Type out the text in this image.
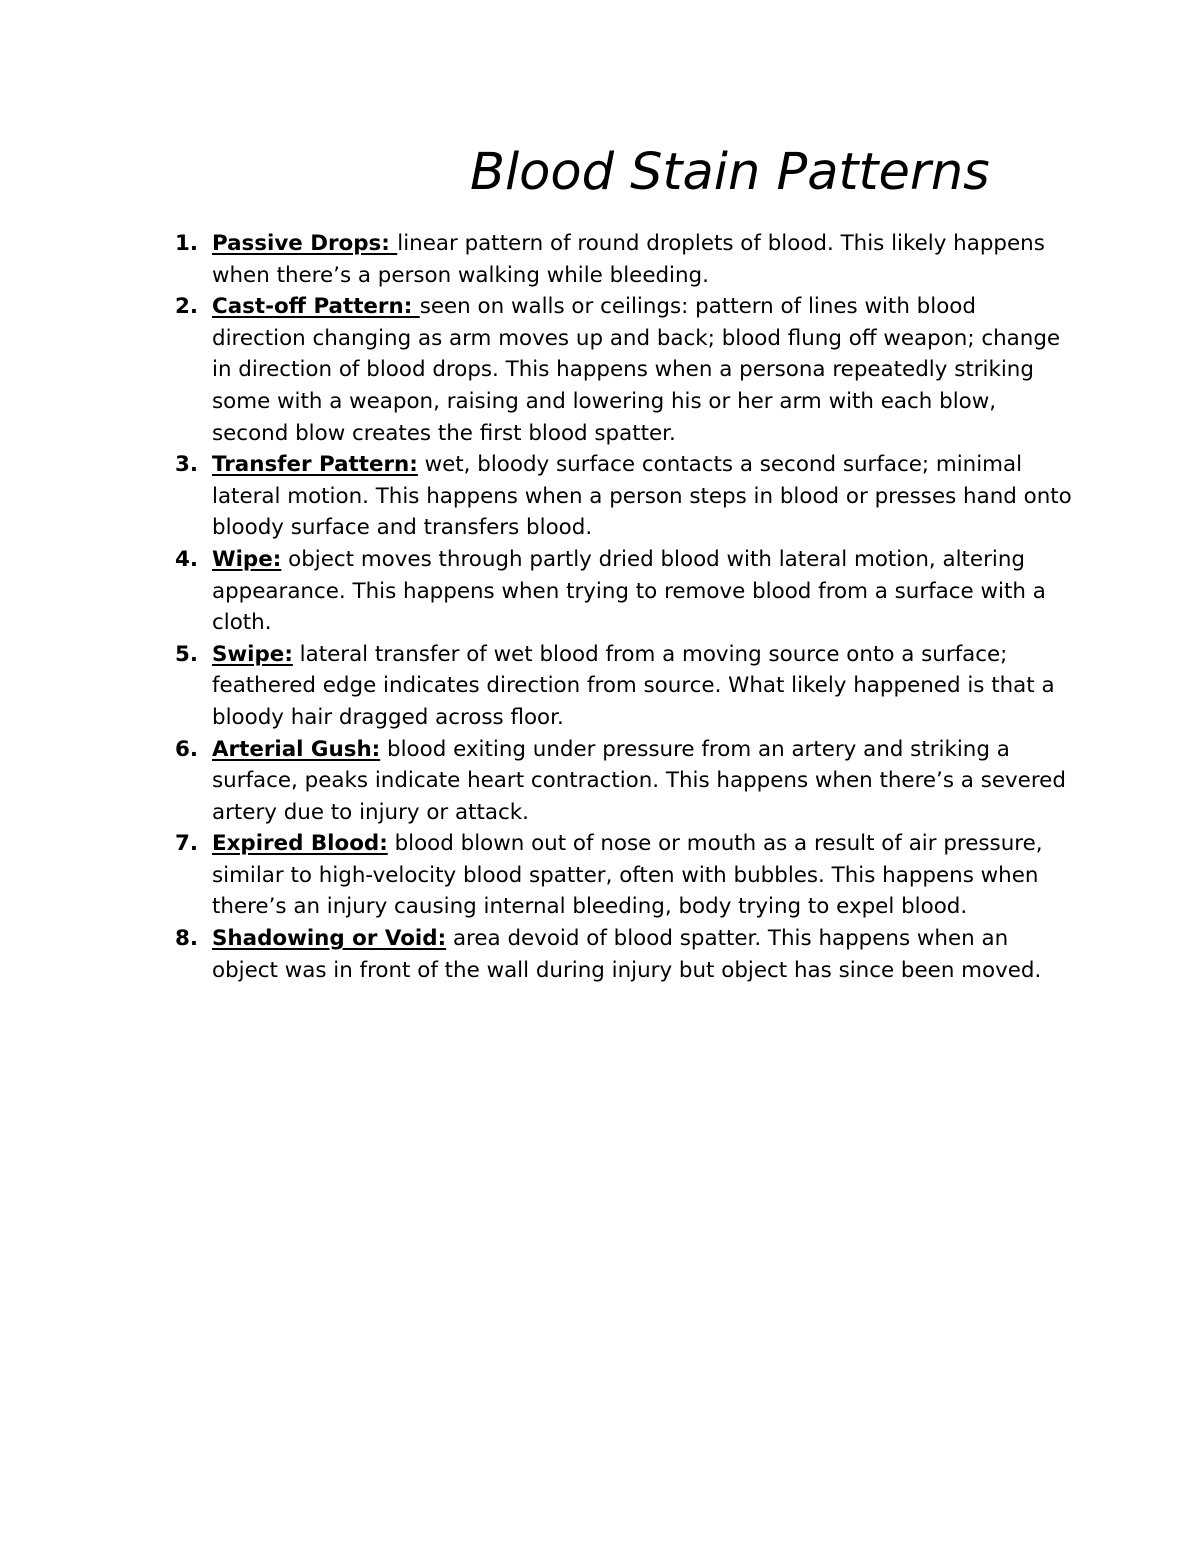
Blood Stain Patterns
1. Passive Drops: linear pattern of round droplets of blood. This likely happens when there’s a person walking while bleeding.
2. Cast-off Pattern: seen on walls or ceilings: pattern of lines with blood direction changing as arm moves up and back; blood flung off weapon; change in direction of blood drops. This happens when a persona repeatedly striking some with a weapon, raising and lowering his or her arm with each blow, second blow creates the first blood spatter.
3. Transfer Pattern: wet, bloody surface contacts a second surface; minimal lateral motion. This happens when a person steps in blood or presses hand onto bloody surface and transfers blood.
4. Wipe: object moves through partly dried blood with lateral motion, altering appearance. This happens when trying to remove blood from a surface with a cloth.
5. Swipe: lateral transfer of wet blood from a moving source onto a surface; feathered edge indicates direction from source. What likely happened is that a bloody hair dragged across floor.
6. Arterial Gush: blood exiting under pressure from an artery and striking a surface, peaks indicate heart contraction. This happens when there’s a severed artery due to injury or attack.
7. Expired Blood: blood blown out of nose or mouth as a result of air pressure, similar to high-velocity blood spatter, often with bubbles. This happens when there’s an injury causing internal bleeding, body trying to expel blood.
8. Shadowing or Void: area devoid of blood spatter. This happens when an object was in front of the wall during injury but object has since been moved.
